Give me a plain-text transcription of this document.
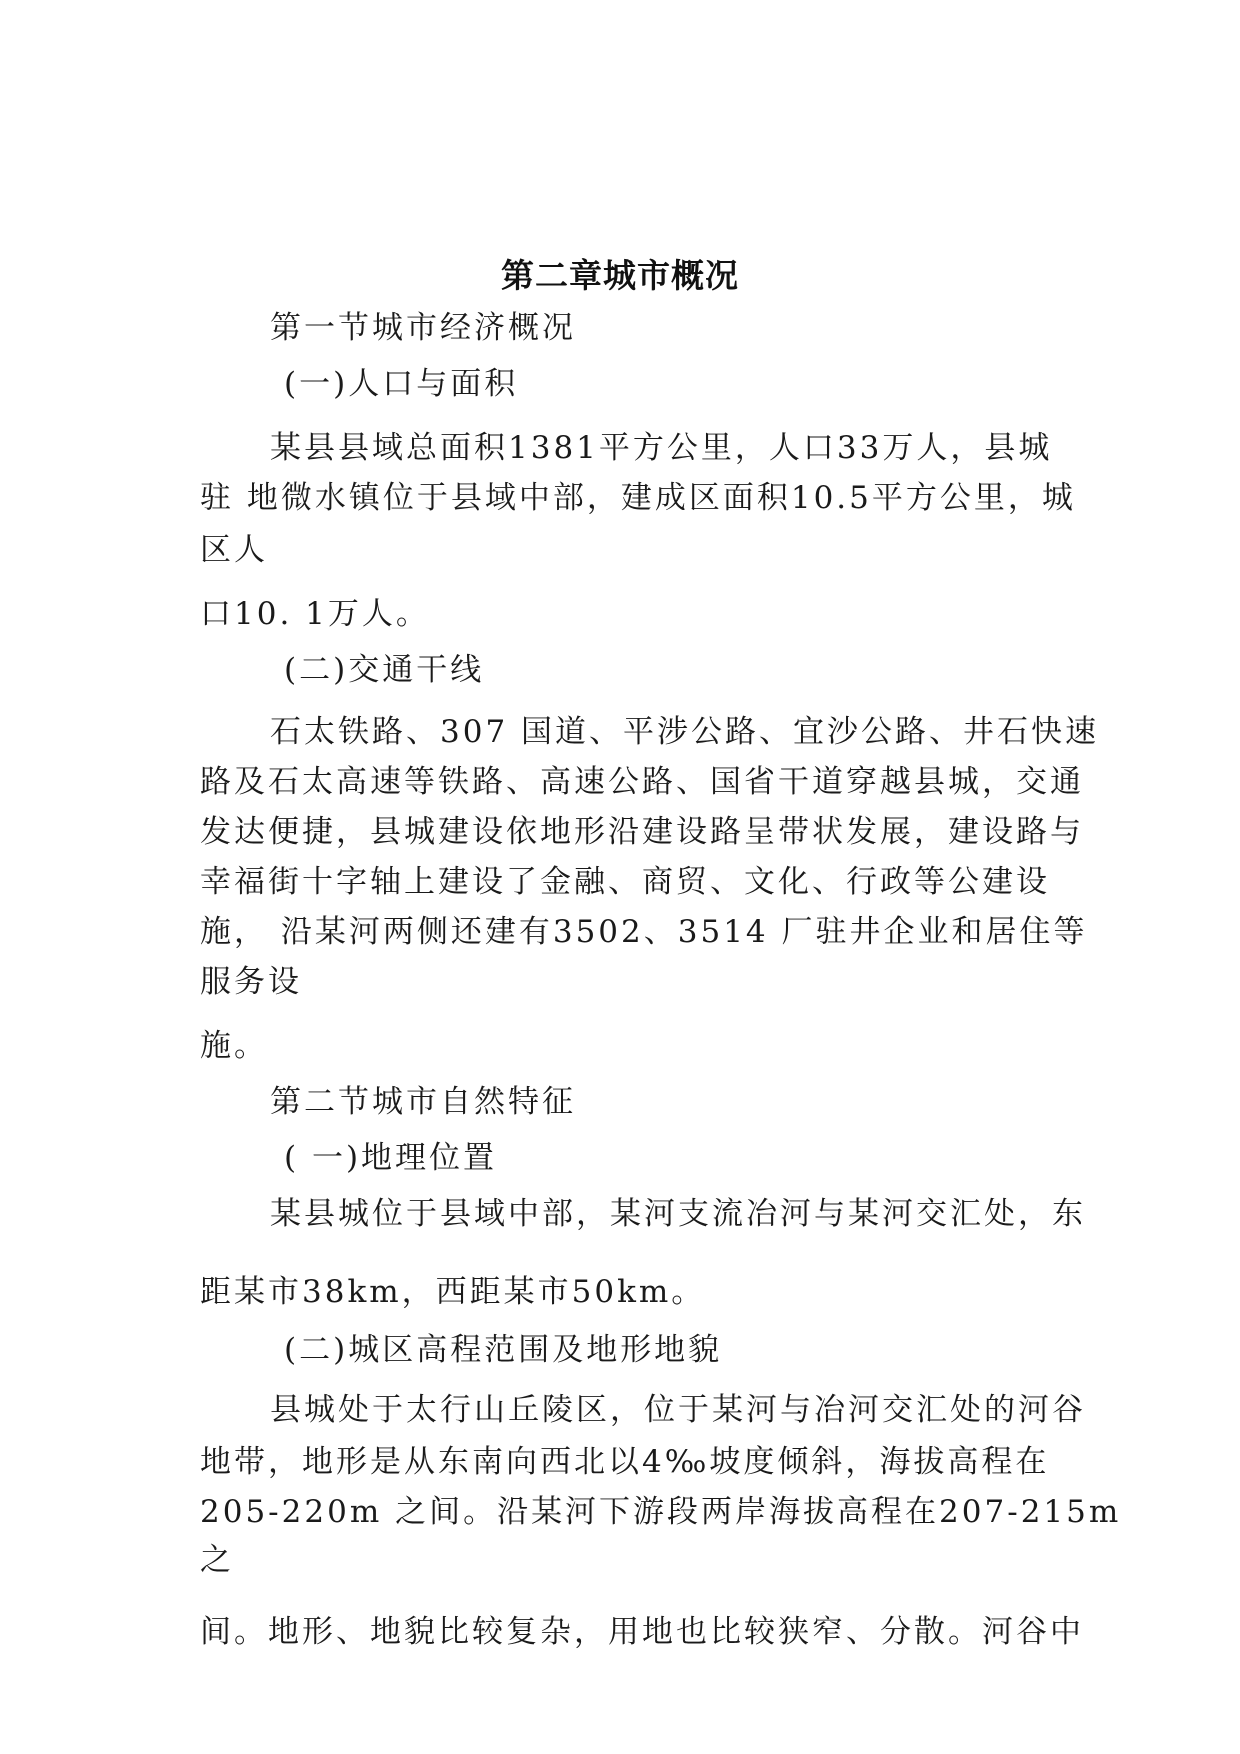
第二章城市概况
第一节城市经济概况
(一)人口与面积
某县县域总面积1381平方公里，人口33万人，县城
驻 地微水镇位于县域中部，建成区面积10.5平方公里，城
区人
口10. 1万人。
(二)交通干线
石太铁路、307 国道、平涉公路、宜沙公路、井石快速
路及石太高速等铁路、高速公路、国省干道穿越县城，交通
发达便捷，县城建设依地形沿建设路呈带状发展，建设路与
幸福街十字轴上建设了金融、商贸、文化、行政等公建设
施， 沿某河两侧还建有3502、3514 厂驻井企业和居住等
服务设
施。
第二节城市自然特征
( 一)地理位置
某县城位于县域中部，某河支流冶河与某河交汇处，东
距某市38km，西距某市50km。
(二)城区高程范围及地形地貌
县城处于太行山丘陵区，位于某河与冶河交汇处的河谷
地带，地形是从东南向西北以4‰坡度倾斜，海拔高程在
205-220m 之间。沿某河下游段两岸海拔高程在207-215m
之
间。地形、地貌比较复杂，用地也比较狭窄、分散。河谷中
